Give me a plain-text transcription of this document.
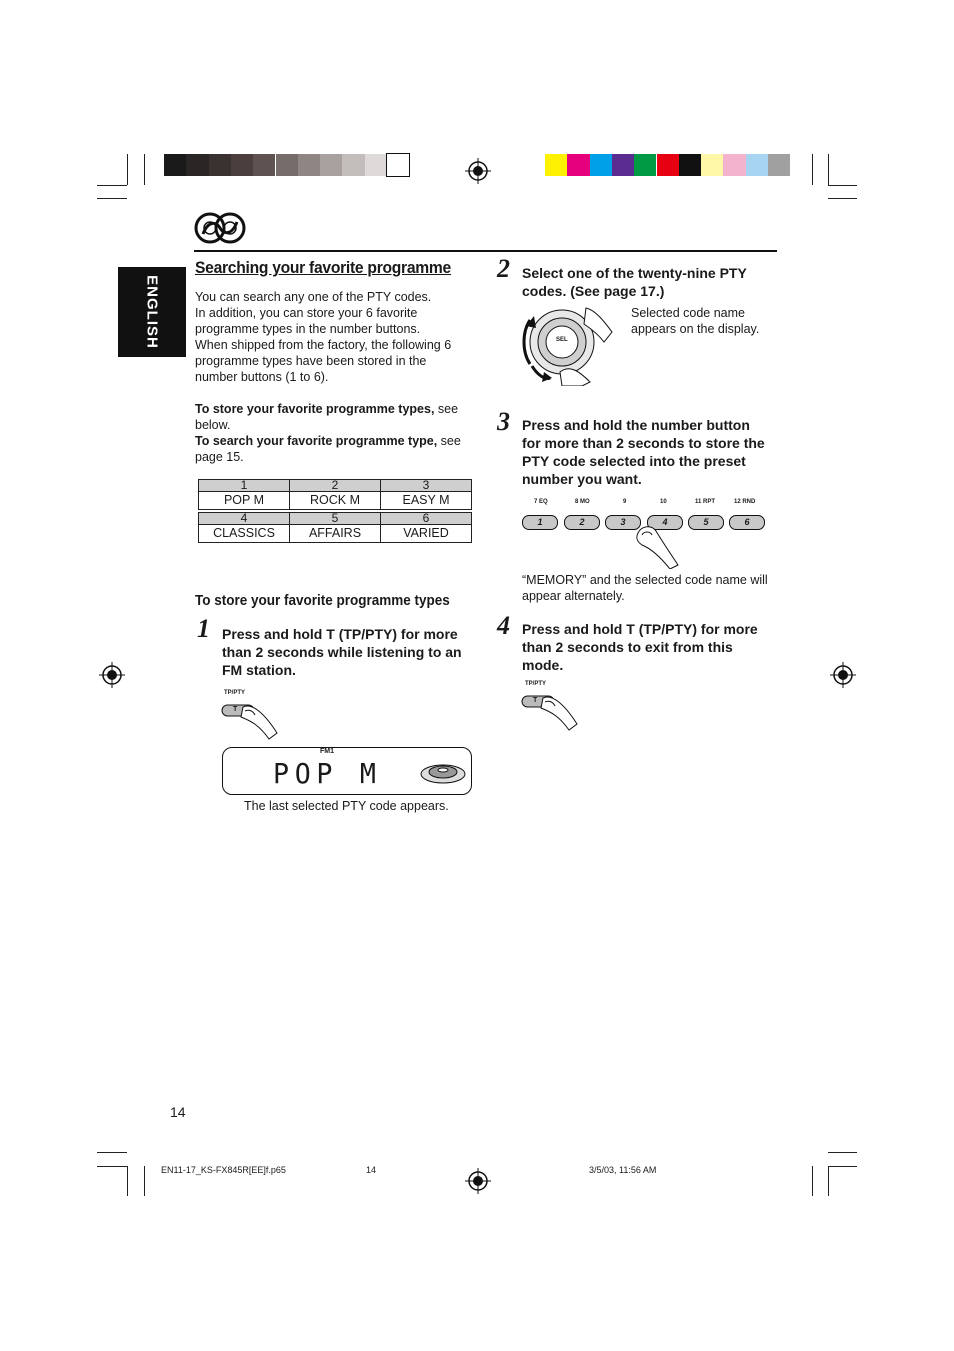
ENGLISH
Searching your favorite programme
You can search any one of the PTY codes.
In addition, you can store your 6 favorite
programme types in the number buttons.
When shipped from the factory, the following 6
programme types have been stored in the
number buttons (1 to 6).
To store your favorite programme types, see
below.
To search your favorite programme type, see
page 15.
1	2	3
POP M	ROCK M	EASY M
4	5	6
CLASSICS	AFFAIRS	VARIED
To store your favorite programme types
1 Press and hold T (TP/PTY) for more
than 2 seconds while listening to an
FM station.
TP/PTY
T
FM1
POP M
The last selected PTY code appears.
2 Select one of the twenty-nine PTY
codes. (See page 17.)
SEL
Selected code name
appears on the display.
3 Press and hold the number button
for more than 2 seconds to store the
PTY code selected into the preset
number you want.
7 EQ	8 MO	9	10	11 RPT	12 RND
1	2	3	4	5	6
“MEMORY” and the selected code name will
appear alternately.
4 Press and hold T (TP/PTY) for more
than 2 seconds to exit from this
mode.
TP/PTY
T
14
EN11-17_KS-FX845R[EE]f.p65	14	3/5/03, 11:56 AM
